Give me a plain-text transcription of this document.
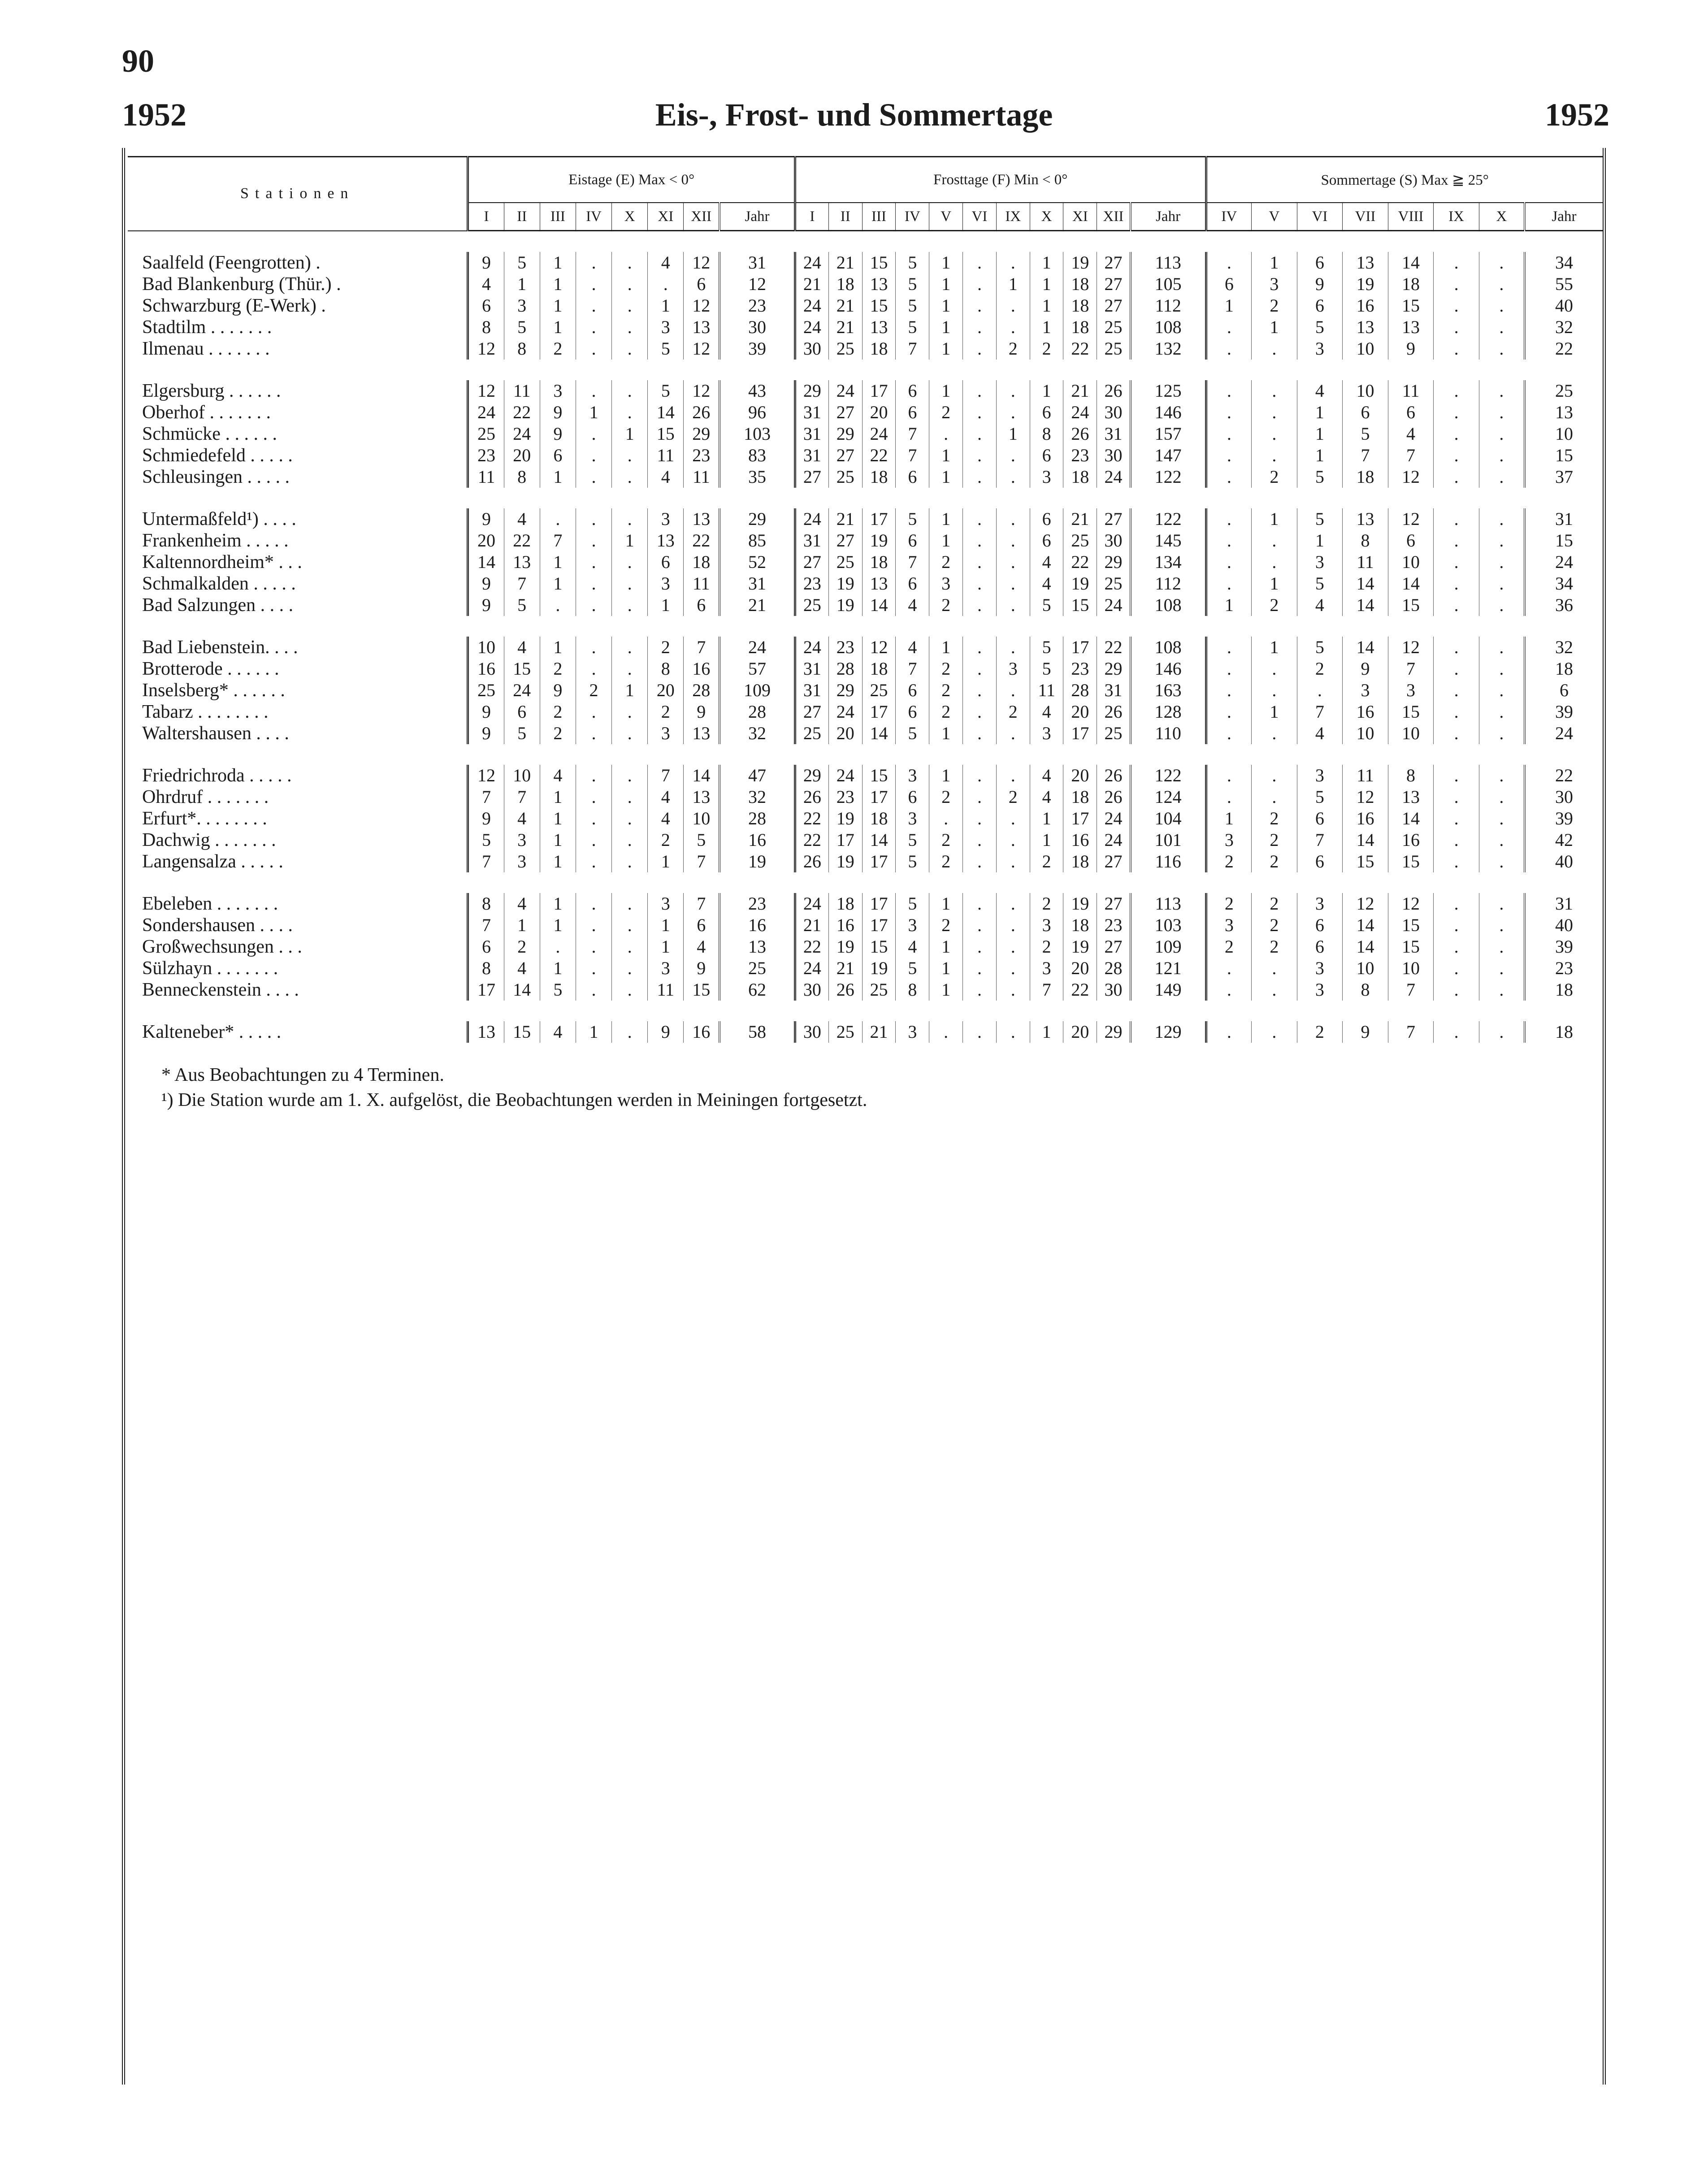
90
1952	Eis-, Frost- und Sommertage	1952
Stationen	Eistage (E) Max < 0°								Frosttage (F) Min < 0°											Sommertage (S) Max ≧ 25°							
	I	II	III	IV	X	XI	XII	Jahr	I	II	III	IV	V	VI	IX	X	XI	XII	Jahr	IV	V	VI	VII	VIII	IX	X	Jahr

Saalfeld (Feengrotten) .	9	5	1	.	.	4	12	31	24	21	15	5	1	.	.	1	19	27	113	.	1	6	13	14	.	.	34
Bad Blankenburg (Thür.) .	4	1	1	.	.	.	6	12	21	18	13	5	1	.	1	1	18	27	105	6	3	9	19	18	.	.	55
Schwarzburg (E-Werk) .	6	3	1	.	.	1	12	23	24	21	15	5	1	.	.	1	18	27	112	1	2	6	16	15	.	.	40
Stadtilm . . . . . . .	8	5	1	.	.	3	13	30	24	21	13	5	1	.	.	1	18	25	108	.	1	5	13	13	.	.	32
Ilmenau . . . . . . .	12	8	2	.	.	5	12	39	30	25	18	7	1	.	2	2	22	25	132	.	.	3	10	9	.	.	22

Elgersburg . . . . . .	12	11	3	.	.	5	12	43	29	24	17	6	1	.	.	1	21	26	125	.	.	4	10	11	.	.	25
Oberhof . . . . . . .	24	22	9	1	.	14	26	96	31	27	20	6	2	.	.	6	24	30	146	.	.	1	6	6	.	.	13
Schmücke . . . . . .	25	24	9	.	1	15	29	103	31	29	24	7	.	.	1	8	26	31	157	.	.	1	5	4	.	.	10
Schmiedefeld . . . . .	23	20	6	.	.	11	23	83	31	27	22	7	1	.	.	6	23	30	147	.	.	1	7	7	.	.	15
Schleusingen . . . . .	11	8	1	.	.	4	11	35	27	25	18	6	1	.	.	3	18	24	122	.	2	5	18	12	.	.	37

Untermaßfeld¹) . . . .	9	4	.	.	.	3	13	29	24	21	17	5	1	.	.	6	21	27	122	.	1	5	13	12	.	.	31
Frankenheim . . . . .	20	22	7	.	1	13	22	85	31	27	19	6	1	.	.	6	25	30	145	.	.	1	8	6	.	.	15
Kaltennordheim* . . .	14	13	1	.	.	6	18	52	27	25	18	7	2	.	.	4	22	29	134	.	.	3	11	10	.	.	24
Schmalkalden . . . . .	9	7	1	.	.	3	11	31	23	19	13	6	3	.	.	4	19	25	112	.	1	5	14	14	.	.	34
Bad Salzungen . . . .	9	5	.	.	.	1	6	21	25	19	14	4	2	.	.	5	15	24	108	1	2	4	14	15	.	.	36

Bad Liebenstein. . . .	10	4	1	.	.	2	7	24	24	23	12	4	1	.	.	5	17	22	108	.	1	5	14	12	.	.	32
Brotterode . . . . . .	16	15	2	.	.	8	16	57	31	28	18	7	2	.	3	5	23	29	146	.	.	2	9	7	.	.	18
Inselsberg* . . . . . .	25	24	9	2	1	20	28	109	31	29	25	6	2	.	.	11	28	31	163	.	.	.	3	3	.	.	6
Tabarz . . . . . . . .	9	6	2	.	.	2	9	28	27	24	17	6	2	.	2	4	20	26	128	.	1	7	16	15	.	.	39
Waltershausen . . . .	9	5	2	.	.	3	13	32	25	20	14	5	1	.	.	3	17	25	110	.	.	4	10	10	.	.	24

Friedrichroda . . . . .	12	10	4	.	.	7	14	47	29	24	15	3	1	.	.	4	20	26	122	.	.	3	11	8	.	.	22
Ohrdruf . . . . . . .	7	7	1	.	.	4	13	32	26	23	17	6	2	.	2	4	18	26	124	.	.	5	12	13	.	.	30
Erfurt*. . . . . . . .	9	4	1	.	.	4	10	28	22	19	18	3	.	.	.	1	17	24	104	1	2	6	16	14	.	.	39
Dachwig . . . . . . .	5	3	1	.	.	2	5	16	22	17	14	5	2	.	.	1	16	24	101	3	2	7	14	16	.	.	42
Langensalza . . . . .	7	3	1	.	.	1	7	19	26	19	17	5	2	.	.	2	18	27	116	2	2	6	15	15	.	.	40

Ebeleben . . . . . . .	8	4	1	.	.	3	7	23	24	18	17	5	1	.	.	2	19	27	113	2	2	3	12	12	.	.	31
Sondershausen . . . .	7	1	1	.	.	1	6	16	21	16	17	3	2	.	.	3	18	23	103	3	2	6	14	15	.	.	40
Großwechsungen . . .	6	2	.	.	.	1	4	13	22	19	15	4	1	.	.	2	19	27	109	2	2	6	14	15	.	.	39
Sülzhayn . . . . . . .	8	4	1	.	.	3	9	25	24	21	19	5	1	.	.	3	20	28	121	.	.	3	10	10	.	.	23
Benneckenstein . . . .	17	14	5	.	.	11	15	62	30	26	25	8	1	.	.	7	22	30	149	.	.	3	8	7	.	.	18

Kalteneber* . . . . .	13	15	4	1	.	9	16	58	30	25	21	3	.	.	.	1	20	29	129	.	.	2	9	7	.	.	18
* Aus Beobachtungen zu 4 Terminen.
¹) Die Station wurde am 1. X. aufgelöst, die Beobachtungen werden in Meiningen fortgesetzt.
